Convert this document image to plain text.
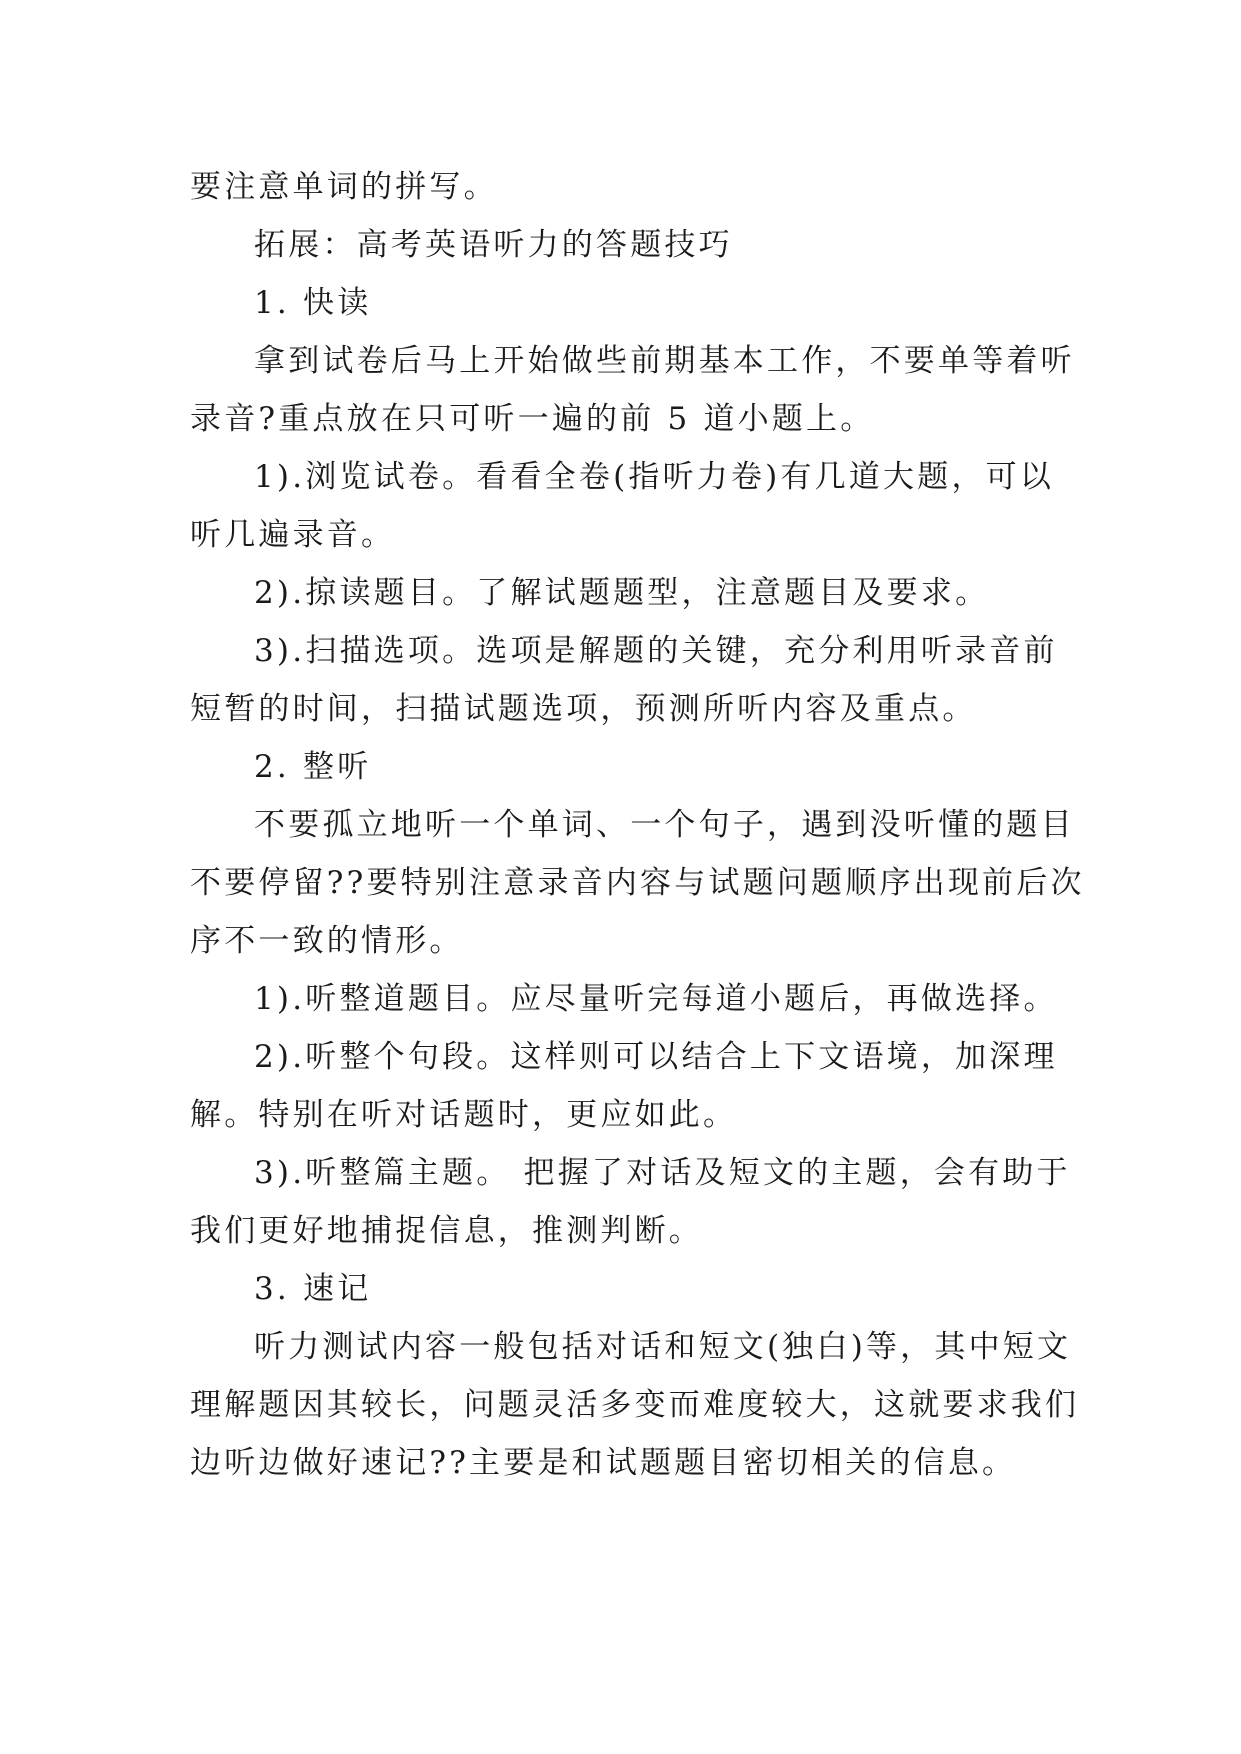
要注意单词的拼写。
拓展：高考英语听力的答题技巧
1. 快读
拿到试卷后马上开始做些前期基本工作，不要单等着听
录音?重点放在只可听一遍的前 5 道小题上。
1).浏览试卷。看看全卷(指听力卷)有几道大题，可以
听几遍录音。
2).掠读题目。了解试题题型，注意题目及要求。
3).扫描选项。选项是解题的关键，充分利用听录音前
短暂的时间，扫描试题选项，预测所听内容及重点。
2. 整听
不要孤立地听一个单词、一个句子，遇到没听懂的题目
不要停留??要特别注意录音内容与试题问题顺序出现前后次
序不一致的情形。
1).听整道题目。应尽量听完每道小题后，再做选择。
2).听整个句段。这样则可以结合上下文语境，加深理
解。特别在听对话题时，更应如此。
3).听整篇主题。 把握了对话及短文的主题，会有助于
我们更好地捕捉信息，推测判断。
3. 速记
听力测试内容一般包括对话和短文(独白)等，其中短文
理解题因其较长，问题灵活多变而难度较大，这就要求我们
边听边做好速记??主要是和试题题目密切相关的信息。
